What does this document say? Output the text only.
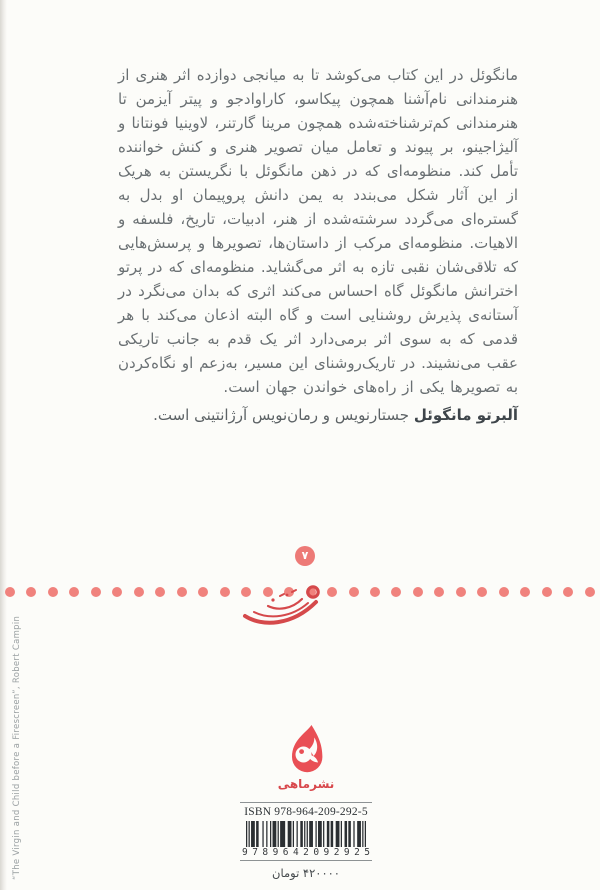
مانگوئل در این کتاب می‌کوشد تا به میانجی دوازده اثر هنری از هنرمندانی نام‌آشنا همچون پیکاسو، کاراوادجو و پیتر آیزمن تا هنرمندانی کم‌ترشناخته‌شده همچون مرینا گارتنر، لاوینیا فونتانا و آلیژاجینو، بر پیوند و تعامل میان تصویر هنری و کنش خواننده تأمل کند. منظومه‌ای که در ذهن مانگوئل با نگریستن به هریک از این آثار شکل می‌بندد به یمن دانش پروپیمان او بدل به گستره‌ای می‌گردد سرشته‌شده از هنر، ادبیات، تاریخ، فلسفه و الاهیات. منظومه‌ای مرکب از داستان‌ها، تصویرها و پرسش‌هایی که تلاقی‌شان نقبی تازه به اثر می‌گشاید. منظومه‌ای که در پرتو اخترانش مانگوئل گاه احساس می‌کند اثری که بدان می‌نگرد در آستانه‌ی پذیرش روشنایی است و گاه البته اذعان می‌کند با هر قدمی که به سوی اثر برمی‌دارد اثر یک قدم به جانب تاریکی عقب می‌نشیند. در تاریک‌روشنای این مسیر، به‌زعم او نگاه‌کردن به تصویرها یکی از راه‌های خواندن جهان است.

آلبرتو مانگوئل جستارنویس و رمان‌نویس آرژانتینی است.

۷
“The Virgin and Child before a Firescreen”, Robert Campin	نشرماهی
ISBN 978-964-209-292-5
9 7 8 9 6 4 2 0 9 2 9 2 5
۴۲۰۰۰۰ تومان
